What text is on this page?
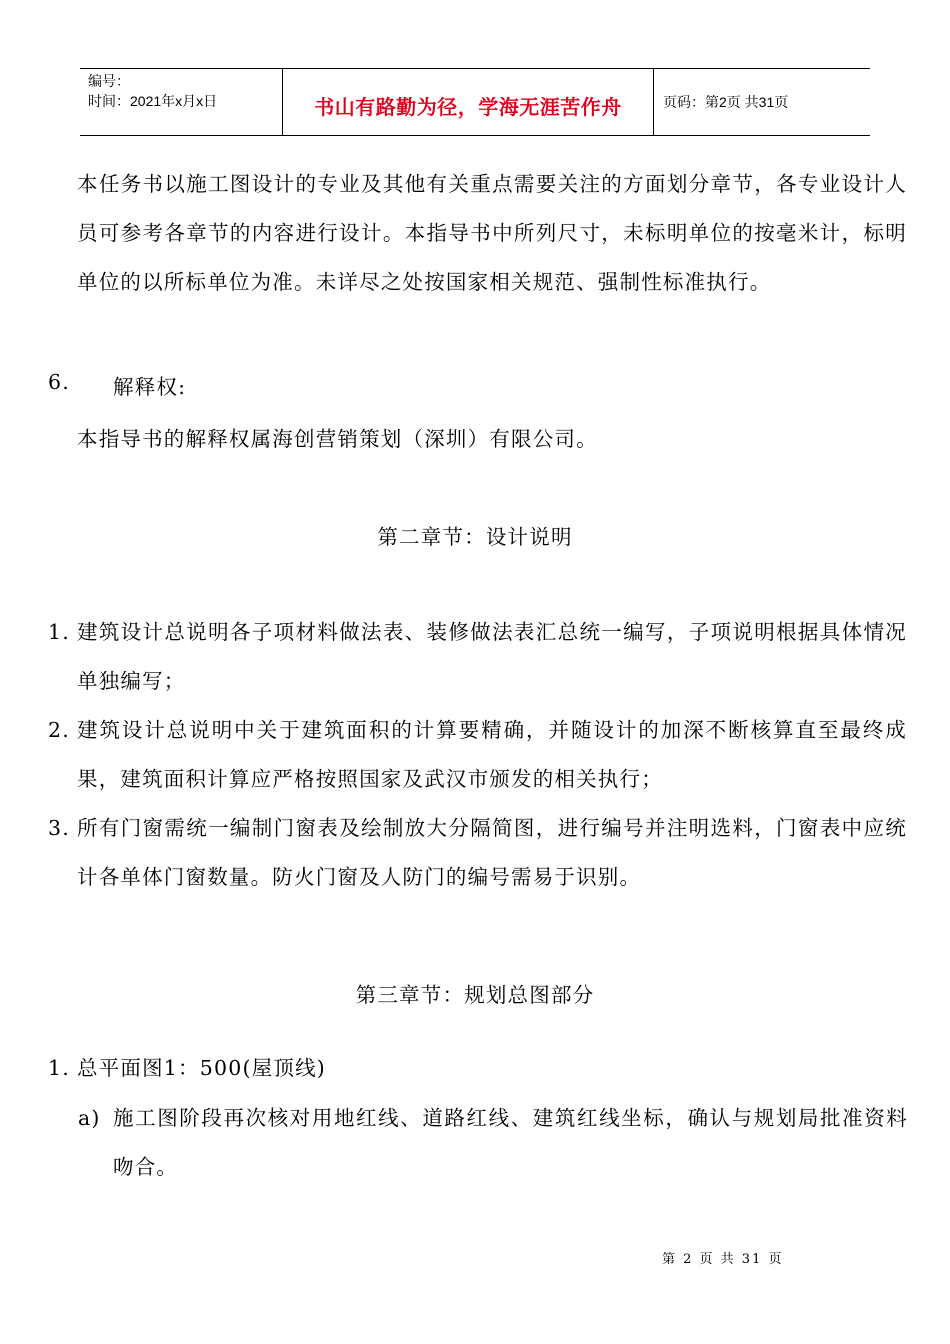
编号：
时间：2021年x月x日	书山有路勤为径，学海无涯苦作舟	页码：第2页 共31页
本任务书以施工图设计的专业及其他有关重点需要关注的方面划分章节，各专业设计人员可参考各章节的内容进行设计。本指导书中所列尺寸，未标明单位的按毫米计，标明单位的以所标单位为准。未详尽之处按国家相关规范、强制性标准执行。
6. 解释权:
本指导书的解释权属海创营销策划（深圳）有限公司。
第二章节：设计说明
1. 建筑设计总说明各子项材料做法表、装修做法表汇总统一编写，子项说明根据具体情况单独编写；
2. 建筑设计总说明中关于建筑面积的计算要精确，并随设计的加深不断核算直至最终成果，建筑面积计算应严格按照国家及武汉市颁发的相关执行；
3. 所有门窗需统一编制门窗表及绘制放大分隔简图，进行编号并注明选料，门窗表中应统计各单体门窗数量。防火门窗及人防门的编号需易于识别。
第三章节：规划总图部分
1. 总平面图1：500(屋顶线)
a) 施工图阶段再次核对用地红线、道路红线、建筑红线坐标，确认与规划局批准资料吻合。
第 2 页 共 31 页
